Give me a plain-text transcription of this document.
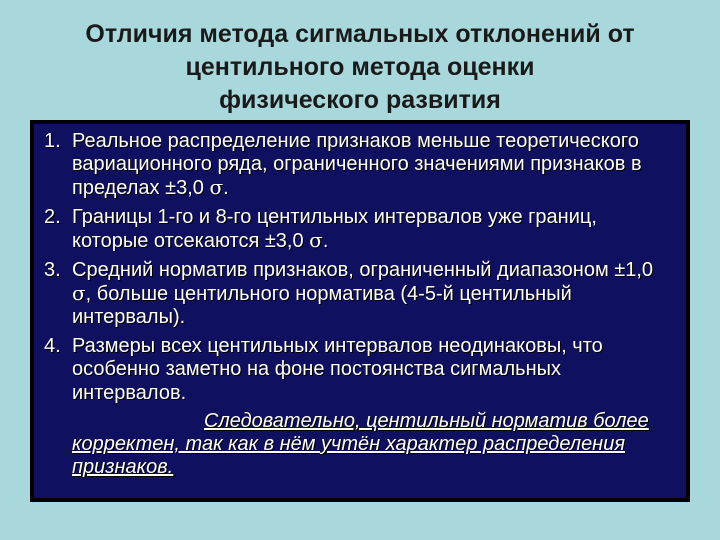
Отличия метода сигмальных отклонений от
центильного метода оценки
физического развития
1. Реальное распределение признаков меньше теоретического вариационного ряда, ограниченного значениями признаков в пределах ±3,0 σ.
2. Границы 1-го и 8-го центильных интервалов уже границ, которые отсекаются ±3,0 σ.
3. Средний норматив признаков, ограниченный диапазоном ±1,0 σ, больше центильного норматива (4-5-й центильный интервалы).
4. Размеры всех центильных интервалов неодинаковы, что особенно заметно на фоне постоянства сигмальных интервалов.
Следовательно, центильный норматив более корректен, так как в нём учтён характер распределения признаков.
